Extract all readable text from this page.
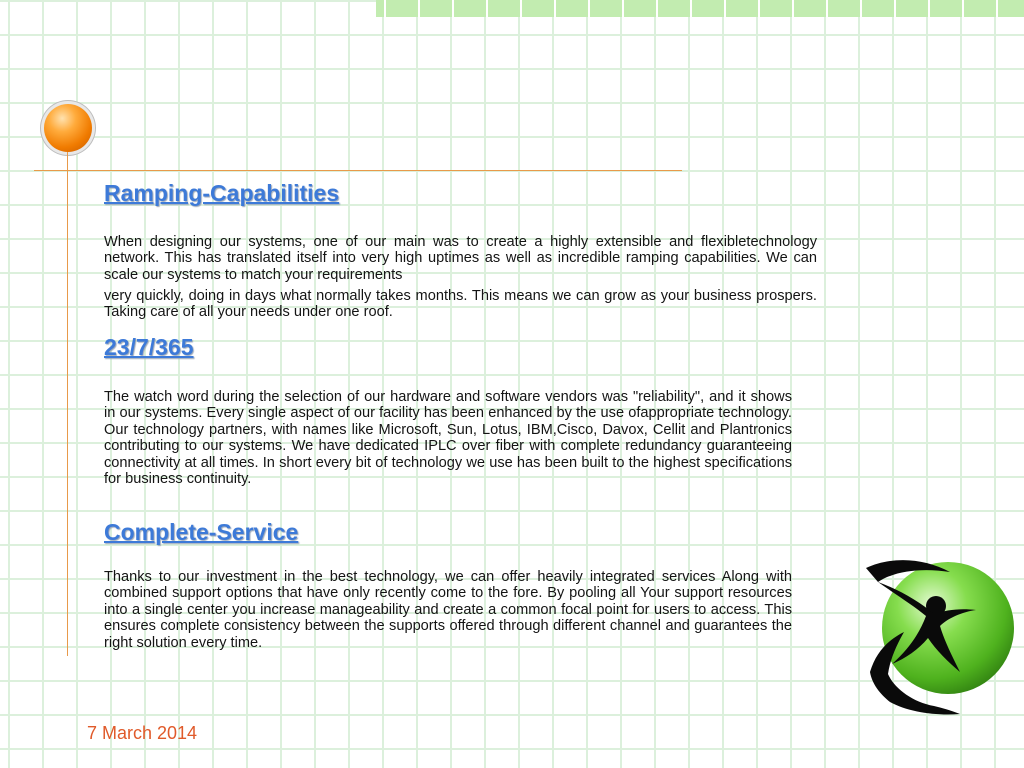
Ramping-Capabilities

When designing our systems, one of our main was to create a highly extensible and flexibletechnology network. This has translated itself into very high uptimes as well as incredible ramping capabilities. We can scale our systems to match your requirements

very quickly, doing in days what normally takes months. This means we can grow as your business prospers. Taking care of all your needs under one roof.

23/7/365

The watch word during the selection of our hardware and software vendors was "reliability", and it shows in our systems. Every single aspect of our facility has been enhanced by the use ofappropriate technology. Our technology partners, with names like Microsoft, Sun, Lotus, IBM,Cisco, Davox, Cellit and Plantronics contributing to our systems. We have dedicated IPLC over fiber with complete redundancy guaranteeing connectivity at all times. In short every bit of technology we use has been built to the highest specifications for business continuity.

Complete-Service

Thanks to our investment in the best technology, we can offer heavily integrated services Along with combined support options that have only recently come to the fore. By pooling all Your support resources into a single center you increase manageability and create a common focal point for users to access. This ensures complete consistency between the supports offered through different channel and guarantees the right solution every time.

7 March 2014
